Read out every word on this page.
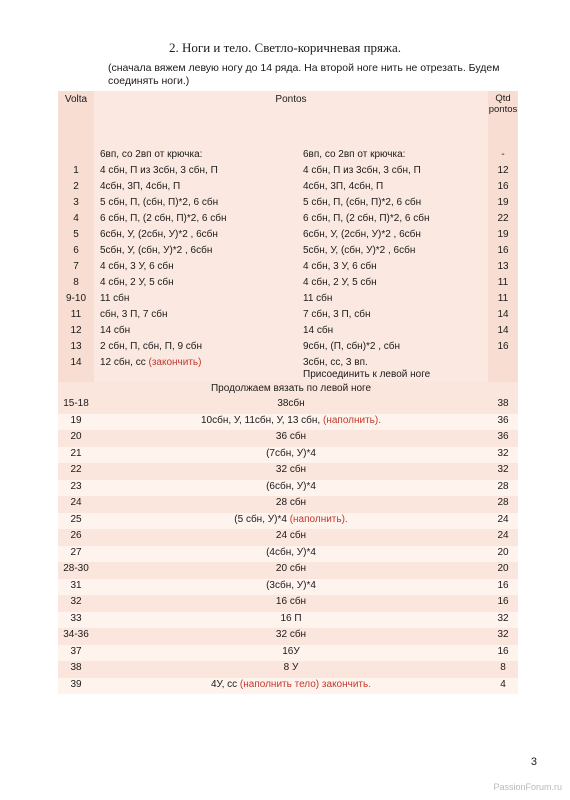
2. Ноги и тело. Светло-коричневая пряжа.
(сначала вяжем левую ногу до 14 ряда. На второй ноге нить не отрезать. Будем соединять ноги.)
Volta	Pontos	Qtd pontos
6вп, со 2вп от крючка:	6вп, со 2вп от крючка:	-
1	4 сбн, П из 3сбн, 3 сбн, П	4 сбн, П из 3сбн, 3 сбн, П	12
2	4сбн, 3П, 4сбн, П	4сбн, 3П, 4сбн, П	16
3	5 сбн, П, (сбн, П)*2, 6 сбн	5 сбн, П, (сбн, П)*2, 6 сбн	19
4	6 сбн, П, (2 сбн, П)*2, 6 сбн	6 сбн, П, (2 сбн, П)*2, 6 сбн	22
5	6сбн, У, (2сбн, У)*2 , 6сбн	6сбн, У, (2сбн, У)*2 , 6сбн	19
6	5сбн, У, (сбн, У)*2 , 6сбн	5сбн, У, (сбн, У)*2 , 6сбн	16
7	4 сбн, 3 У, 6 сбн	4 сбн, 3 У, 6 сбн	13
8	4 сбн, 2 У, 5 сбн	4 сбн, 2 У, 5 сбн	11
9-10	11 сбн	11 сбн	11
11	сбн, 3 П, 7 сбн	7 сбн, 3 П, сбн	14
12	14 сбн	14 сбн	14
13	2 сбн, П, сбн, П, 9 сбн	9сбн, (П, сбн)*2 , сбн	16
14	12 сбн, сс (закончить)	3сбн, сс, 3 вп.
Присоединить к левой ноге
Продолжаем вязать по левой ноге
15-18	38сбн	38
19	10сбн, У, 11сбн, У, 13 сбн, (наполнить).	36
20	36 сбн	36
21	(7сбн, У)*4	32
22	32 сбн	32
23	(6сбн, У)*4	28
24	28 сбн	28
25	(5 сбн, У)*4 (наполнить).	24
26	24 сбн	24
27	(4сбн, У)*4	20
28-30	20 сбн	20
31	(3сбн, У)*4	16
32	16 сбн	16
33	16 П	32
34-36	32 сбн	32
37	16У	16
38	8 У	8
39	4У, сс (наполнить тело) закончить.	4
3
PassionForum.ru
